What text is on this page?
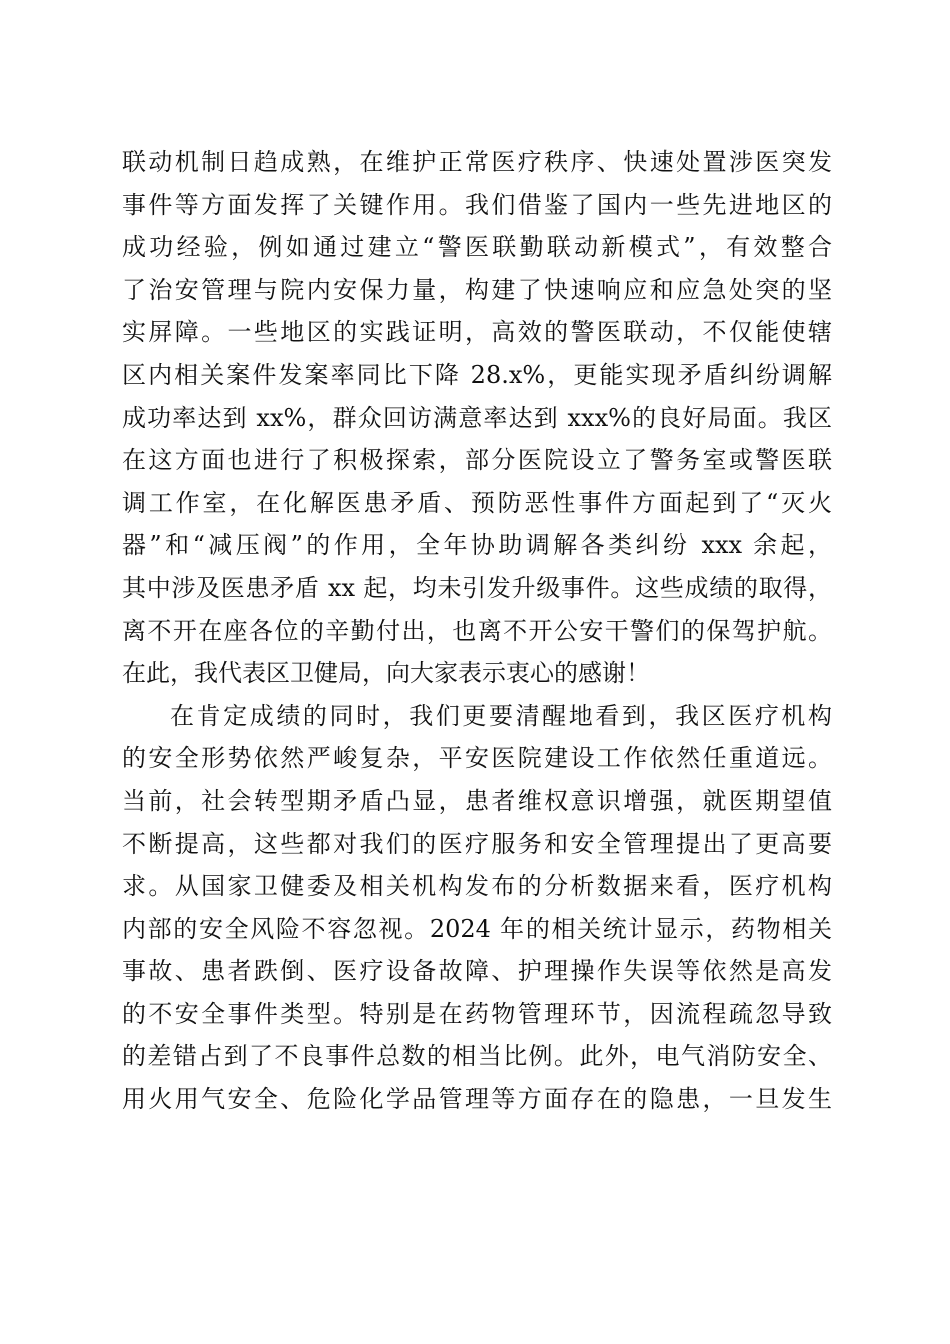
联动机制日趋成熟，在维护正常医疗秩序、快速处置涉医突发
事件等方面发挥了关键作用。我们借鉴了国内一些先进地区的
成功经验，例如通过建立“警医联勤联动新模式”，有效整合
了治安管理与院内安保力量，构建了快速响应和应急处突的坚
实屏障。一些地区的实践证明，高效的警医联动，不仅能使辖
区内相关案件发案率同比下降 28.x%，更能实现矛盾纠纷调解
成功率达到 xx%，群众回访满意率达到 xxx%的良好局面。我区
在这方面也进行了积极探索，部分医院设立了警务室或警医联
调工作室，在化解医患矛盾、预防恶性事件方面起到了“灭火
器”和“减压阀”的作用，全年协助调解各类纠纷 xxx 余起，
其中涉及医患矛盾 xx 起，均未引发升级事件。这些成绩的取得，
离不开在座各位的辛勤付出，也离不开公安干警们的保驾护航。
在此，我代表区卫健局，向大家表示衷心的感谢！
在肯定成绩的同时，我们更要清醒地看到，我区医疗机构
的安全形势依然严峻复杂，平安医院建设工作依然任重道远。
当前，社会转型期矛盾凸显，患者维权意识增强，就医期望值
不断提高，这些都对我们的医疗服务和安全管理提出了更高要
求。从国家卫健委及相关机构发布的分析数据来看，医疗机构
内部的安全风险不容忽视。2024 年的相关统计显示，药物相关
事故、患者跌倒、医疗设备故障、护理操作失误等依然是高发
的不安全事件类型。特别是在药物管理环节，因流程疏忽导致
的差错占到了不良事件总数的相当比例。此外，电气消防安全、
用火用气安全、危险化学品管理等方面存在的隐患，一旦发生
